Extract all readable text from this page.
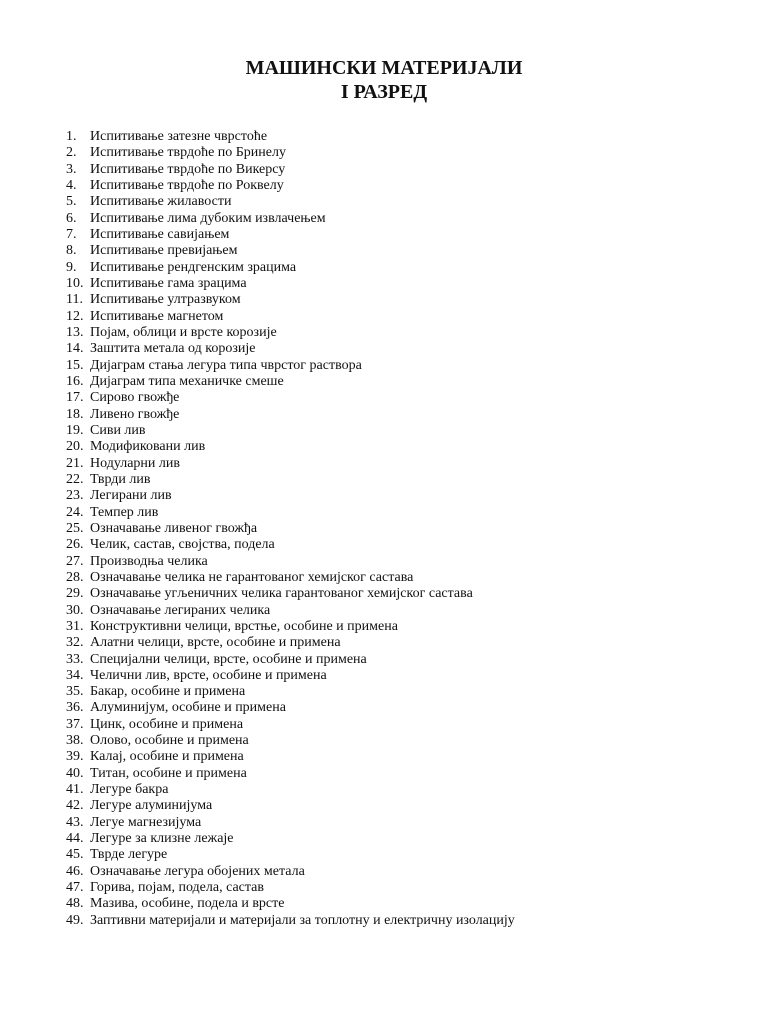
МАШИНСКИ МАТЕРИЈАЛИ
I РАЗРЕД
1. Испитивање затезне чврстоће
2. Испитивање тврдоће по Бринелу
3. Испитивање тврдоће по Викерсу
4. Испитивање тврдоће по Роквелу
5. Испитивање жилавости
6. Испитивање лима дубоким извлачењем
7. Испитивање савијањем
8. Испитивање превијањем
9. Испитивање рендгенским зрацима
10. Испитивање гама зрацима
11. Испитивање ултразвуком
12. Испитивање магнетом
13. Појам, облици и врсте корозије
14. Заштита метала од корозије
15. Дијаграм стања легура типа чврстог раствора
16. Дијаграм типа механичке смеше
17. Сирово гвожђе
18. Ливено гвожђе
19. Сиви лив
20. Модификовани лив
21. Нодуларни лив
22. Тврди лив
23. Легирани лив
24. Темпер лив
25. Означавање ливеног гвожђа
26. Челик, састав, својства, подела
27. Производња челика
28. Означавање челика не гарантованог хемијског састава
29. Означавање угљеничних челика гарантованог хемијског састава
30. Означавање легираних челика
31. Конструктивни челици, врстње, особине и примена
32. Алатни челици, врсте, особине и примена
33. Специјални челици, врсте, особине и примена
34. Челични лив, врсте, особине и примена
35. Бакар, особине и примена
36. Алуминијум, особине и примена
37. Цинк, особине и примена
38. Олово, особине и примена
39. Калај, особине и примена
40. Титан, особине и примена
41. Легуре бакра
42. Легуре алуминијума
43. Легуе магнезијума
44. Легуре за клизне лежаје
45. Тврде легуре
46. Означавање легура обојених метала
47. Горива, појам, подела, састав
48. Мазива, особине, подела и врсте
49. Заптивни материјали и материјали за топлотну и електричну изолацију
